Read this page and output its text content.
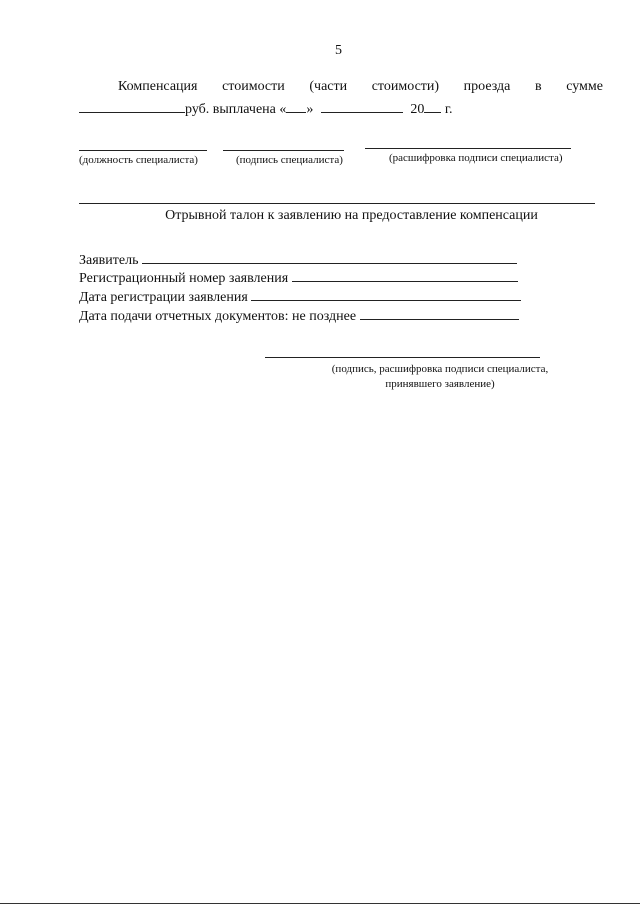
5
Компенсация стоимости (части стоимости) проезда в сумме
руб. выплачена « »	20 г.
(должность специалиста)	(подпись специалиста)	(расшифровка подписи специалиста)
Отрывной талон к заявлению на предоставление компенсации
Заявитель
Регистрационный номер заявления
Дата регистрации заявления
Дата подачи отчетных документов: не позднее
(подпись, расшифровка подписи специалиста,
принявшего заявление)
